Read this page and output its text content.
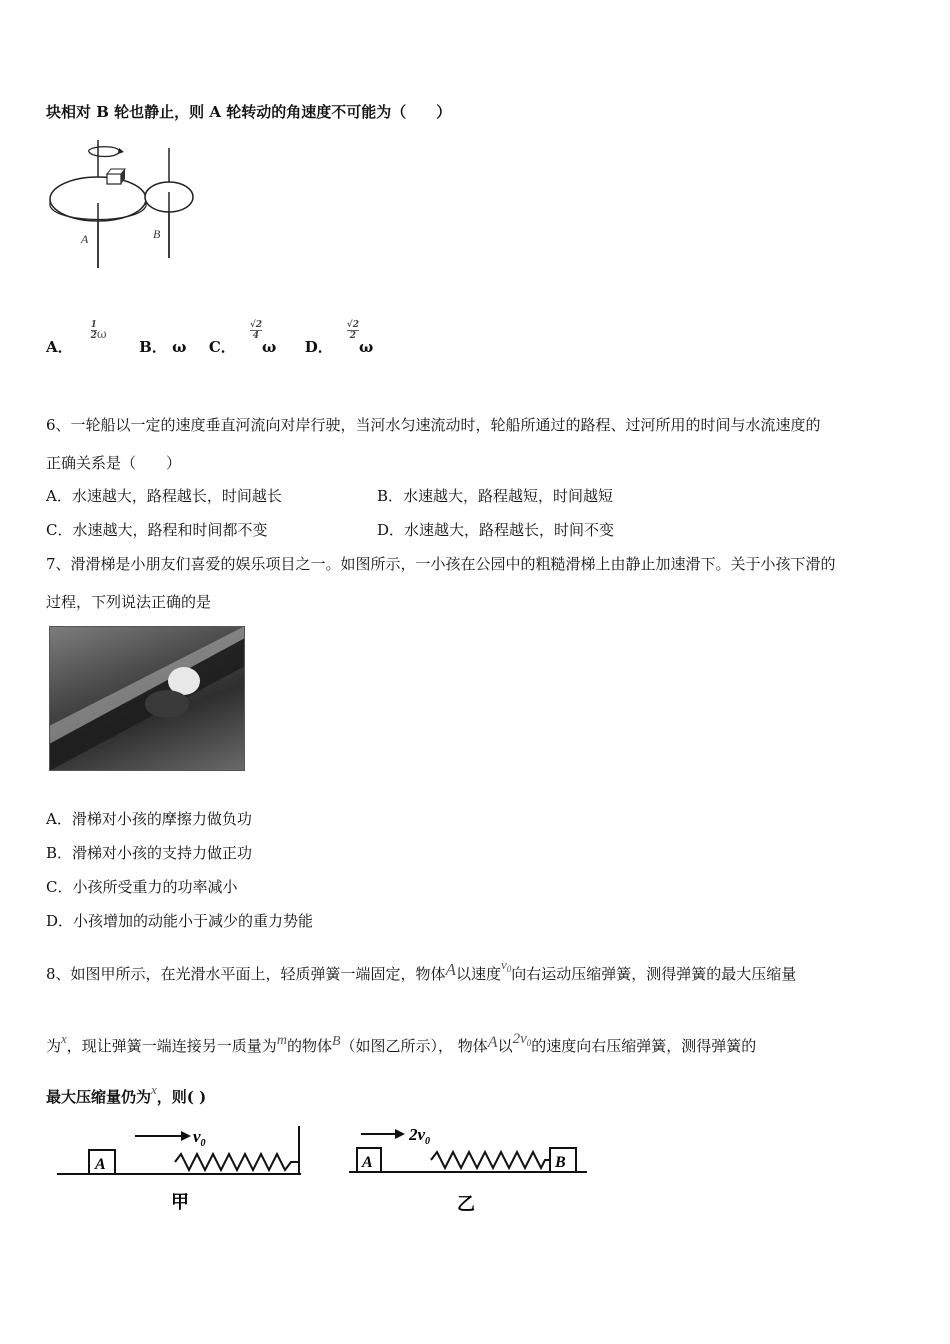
块相对 B 轮也静止，则 A 轮转动的角速度不可能为（　　）
A	B
A．$\frac{1}{2} ^\omega$  B． ω C．$\frac{√2}{4}$
ω D．$\frac{√2}{2}$
ω
6、一轮船以一定的速度垂直河流向对岸行驶，当河水匀速流动时，轮船所通过的路程、过河所用的时间与水流速度的
正确关系是（　　）
A．水速越大，路程越长，时间越长	B．水速越大，路程越短，时间越短
C．水速越大，路程和时间都不变	D．水速越大，路程越长，时间不变
7、滑滑梯是小朋友们喜爱的娱乐项目之一。如图所示，一小孩在公园中的粗糙滑梯上由静止加速滑下。关于小孩下滑的
过程，下列说法正确的是
A．滑梯对小孩的摩擦力做负功
B．滑梯对小孩的支持力做正功
C．小孩所受重力的功率减小
D．小孩增加的动能小于减少的重力势能
8、如图甲所示，在光滑水平面上，轻质弹簧一端固定，物体A以速度$v_0$向右运动压缩弹簧，测得弹簧的最大压缩量
为x，现让弹簧一端连接另一质量为m的物体B（如图乙所示）， 物体A以$2v_0$的速度向右压缩弹簧，测得弹簧的
最大压缩量仍为x，则( )
A
$v_0$
甲
A	B
$2v_0$
乙
